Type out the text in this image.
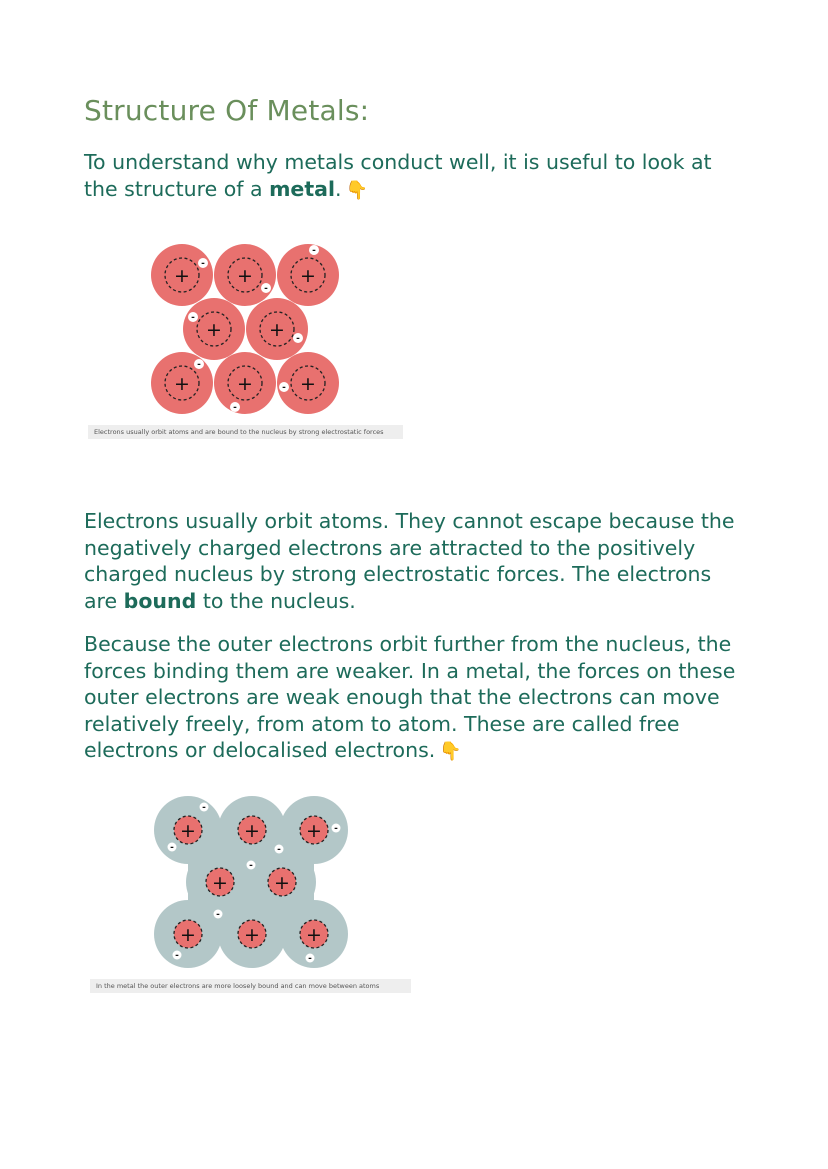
Structure Of Metals:

To understand why metals conduct well, it is useful to look at the structure of a metal. 👇

+ + +
+ +
+ + +
-
-
-
-
-
-
-
-
Electrons usually orbit atoms and are bound to the nucleus by strong electrostatic forces

Electrons usually orbit atoms. They cannot escape because the negatively charged electrons are attracted to the positively charged nucleus by strong electrostatic forces. The electrons are bound to the nucleus.

Because the outer electrons orbit further from the nucleus, the forces binding them are weaker. In a metal, the forces on these outer electrons are weak enough that the electrons can move relatively freely, from atom to atom. These are called free electrons or delocalised electrons. 👇

+	+ +
+ +
+	+ +
-
-	-
-
-
-
-	-
In the metal the outer electrons are more loosely bound and can move between atoms
